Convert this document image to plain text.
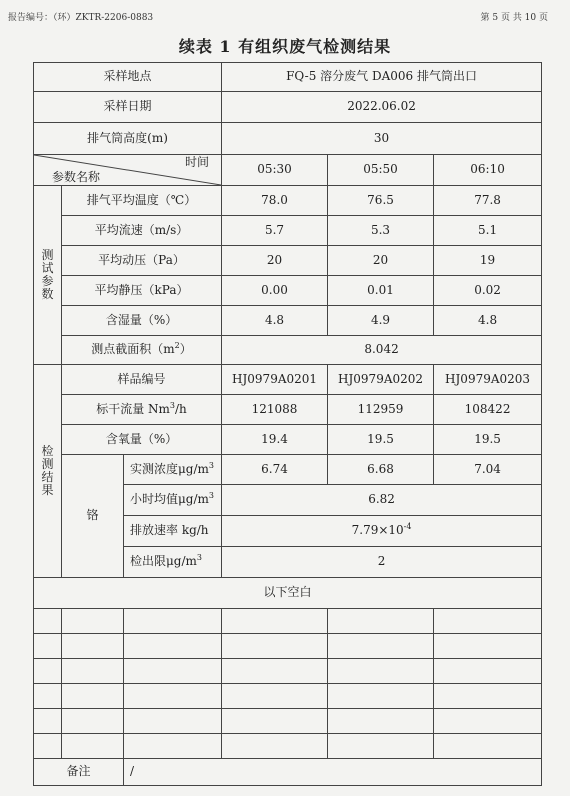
报告编号：（环）ZKTR-2206-0883	第 5 页 共 10 页
续表 1 有组织废气检测结果
采样地点			FQ-5 溶分废气 DA006 排气筒出口		
采样日期			2022.06.02		
排气筒高度(m)			30		

时间
参数名称			05:30	05:50	06:10
测
试
参
数	排气平均温度（℃）		78.0	76.5	77.8
	平均流速（m/s）		5.7	5.3	5.1
	平均动压（Pa）		20	20	19
	平均静压（kPa）		0.00	0.01	0.02
	含湿量（%）		4.8	4.9	4.8
	测点截面积$(m^2)$		8.042		
检
测
结
果	样品编号		HJ0979A0201	HJ0979A0202	HJ0979A0203
	标干流量 Nm$^3$/h		121088	112959	108422
	含氧量（%）		19.4	19.5	19.5
	铬	实测浓度$\mu g/m^3$	6.74	6.68	7.04
		小时均值$\mu g/m^3$	6.82		
		排放速率 kg/h	$7.79\times 10^{-4}$
		检出限$\mu g/m^3$	2		
以下空白					

备注		/			
